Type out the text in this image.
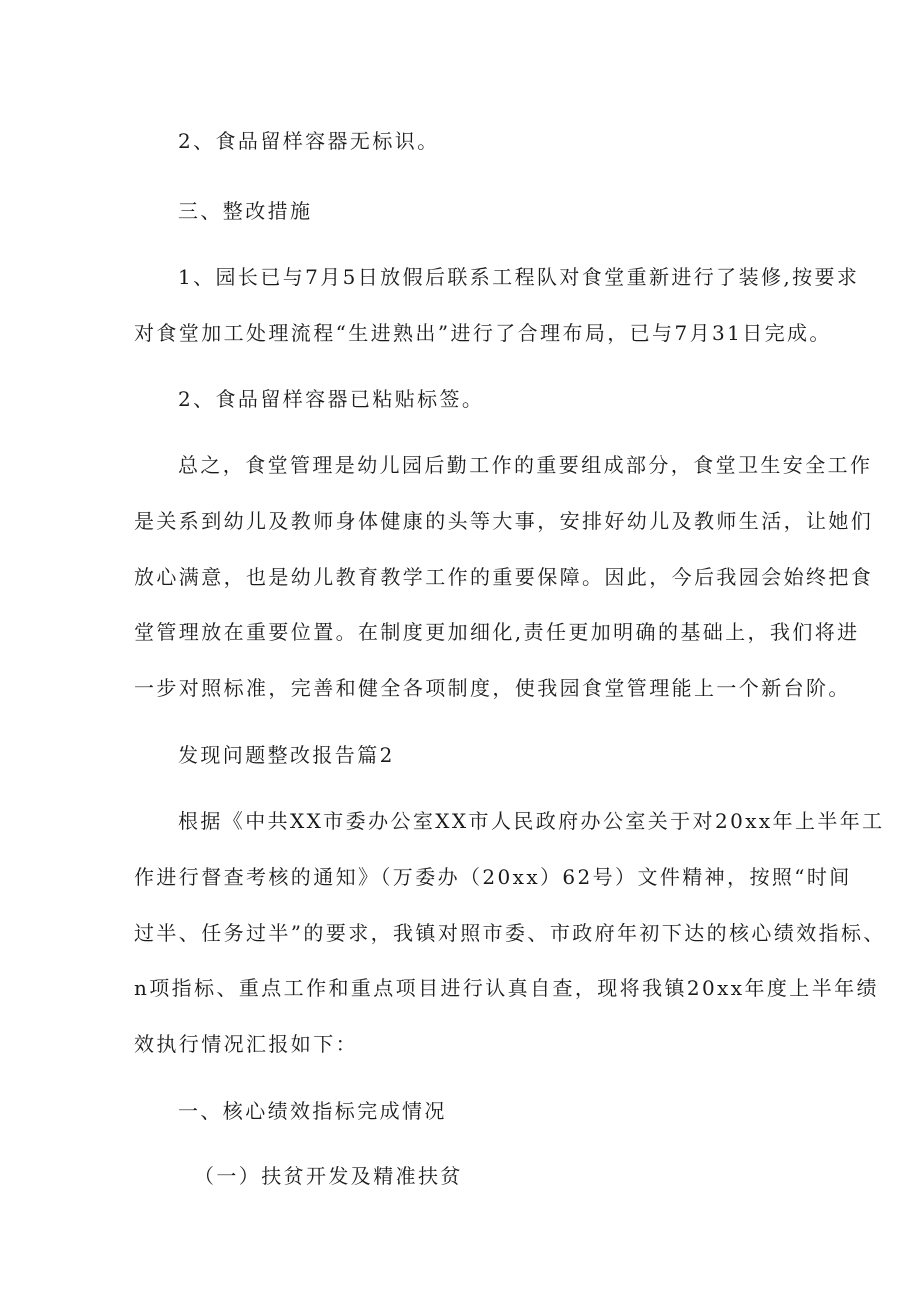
2、食品留样容器无标识。
三、整改措施
1、园长已与7月5日放假后联系工程队对食堂重新进行了装修,按要求
对食堂加工处理流程“生进熟出”进行了合理布局，已与7月31日完成。
2、食品留样容器已粘贴标签。
总之，食堂管理是幼儿园后勤工作的重要组成部分，食堂卫生安全工作
是关系到幼儿及教师身体健康的头等大事，安排好幼儿及教师生活，让她们
放心满意，也是幼儿教育教学工作的重要保障。因此，今后我园会始终把食
堂管理放在重要位置。在制度更加细化,责任更加明确的基础上，我们将进
一步对照标准，完善和健全各项制度，使我园食堂管理能上一个新台阶。
发现问题整改报告篇2
根据《中共XX市委办公室XX市人民政府办公室关于对20xx年上半年工
作进行督查考核的通知》（万委办（20xx）62号）文件精神，按照“时间
过半、任务过半”的要求，我镇对照市委、市政府年初下达的核心绩效指标、
n项指标、重点工作和重点项目进行认真自查，现将我镇20xx年度上半年绩
效执行情况汇报如下：
一、核心绩效指标完成情况
（一）扶贫开发及精准扶贫
